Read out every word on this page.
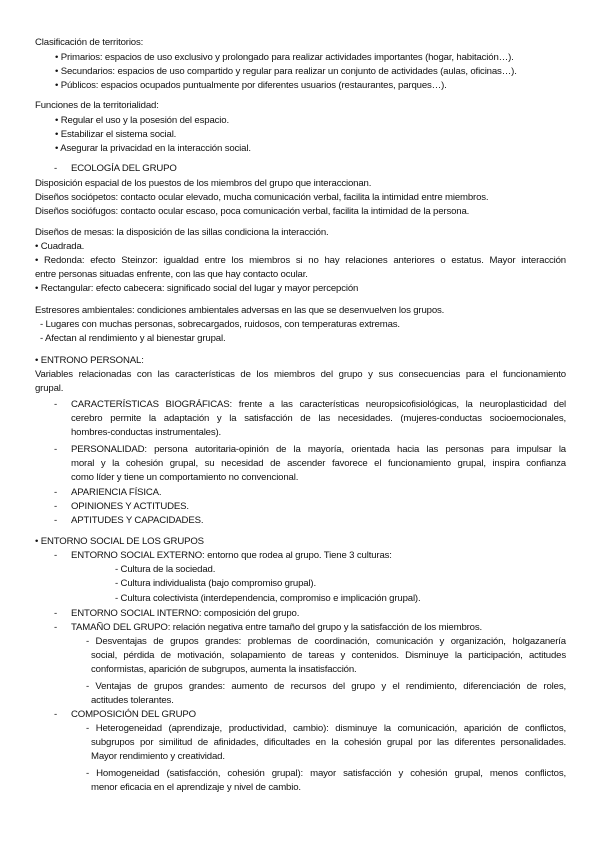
Clasificación de territorios:
• Primarios: espacios de uso exclusivo y prolongado para realizar actividades importantes (hogar, habitación…).
• Secundarios: espacios de uso compartido y regular para realizar un conjunto de actividades (aulas, oficinas…).
• Públicos: espacios ocupados puntualmente por diferentes usuarios (restaurantes, parques…).
Funciones de la territorialidad:
• Regular el uso y la posesión del espacio.
• Estabilizar el sistema social.
• Asegurar la privacidad en la interacción social.
- ECOLOGÍA DEL GRUPO
Disposición espacial de los puestos de los miembros del grupo que interaccionan.
Diseños sociópetos: contacto ocular elevado, mucha comunicación verbal, facilita la intimidad entre miembros.
Diseños sociófugos: contacto ocular escaso, poca comunicación verbal, facilita la intimidad de la persona.
Diseños de mesas: la disposición de las sillas condiciona la interacción.
• Cuadrada.
• Redonda: efecto Steinzor: igualdad entre los miembros si no hay relaciones anteriores o estatus. Mayor interacción
entre personas situadas enfrente, con las que hay contacto ocular.
• Rectangular: efecto cabecera: significado social del lugar y mayor percepción
Estresores ambientales: condiciones ambientales adversas en las que se desenvuelven los grupos.
- Lugares con muchas personas, sobrecargados, ruidosos, con temperaturas extremas.
- Afectan al rendimiento y al bienestar grupal.
• ENTRONO PERSONAL:
Variables relacionadas con las características de los miembros del grupo y sus consecuencias para el funcionamiento
grupal.
- CARACTERÍSTICAS BIOGRÁFICAS: frente a las características neuropsicofisiológicas, la neuroplasticidad del
cerebro permite la adaptación y la satisfacción de las necesidades. (mujeres-conductas socioemocionales,
hombres-conductas instrumentales).
- PERSONALIDAD: persona autoritaria-opinión de la mayoría, orientada hacia las personas para impulsar la
moral y la cohesión grupal, su necesidad de ascender favorece el funcionamiento grupal, inspira confianza
como líder y tiene un comportamiento no convencional.
- APARIENCIA FÍSICA.
- OPINIONES Y ACTITUDES.
- APTITUDES Y CAPACIDADES.
• ENTORNO SOCIAL DE LOS GRUPOS
- ENTORNO SOCIAL EXTERNO: entorno que rodea al grupo. Tiene 3 culturas:
- Cultura de la sociedad.
- Cultura individualista (bajo compromiso grupal).
- Cultura colectivista (interdependencia, compromiso e implicación grupal).
- ENTORNO SOCIAL INTERNO: composición del grupo.
- TAMAÑO DEL GRUPO: relación negativa entre tamaño del grupo y la satisfacción de los miembros.
- Desventajas de grupos grandes: problemas de coordinación, comunicación y organización, holgazanería
social, pérdida de motivación, solapamiento de tareas y contenidos. Disminuye la participación, actitudes
conformistas, aparición de subgrupos, aumenta la insatisfacción.
- Ventajas de grupos grandes: aumento de recursos del grupo y el rendimiento, diferenciación de roles,
actitudes tolerantes.
- COMPOSICIÓN DEL GRUPO
- Heterogeneidad (aprendizaje, productividad, cambio): disminuye la comunicación, aparición de conflictos,
subgrupos por similitud de afinidades, dificultades en la cohesión grupal por las diferentes personalidades.
Mayor rendimiento y creatividad.
- Homogeneidad (satisfacción, cohesión grupal): mayor satisfacción y cohesión grupal, menos conflictos,
menor eficacia en el aprendizaje y nivel de cambio.
